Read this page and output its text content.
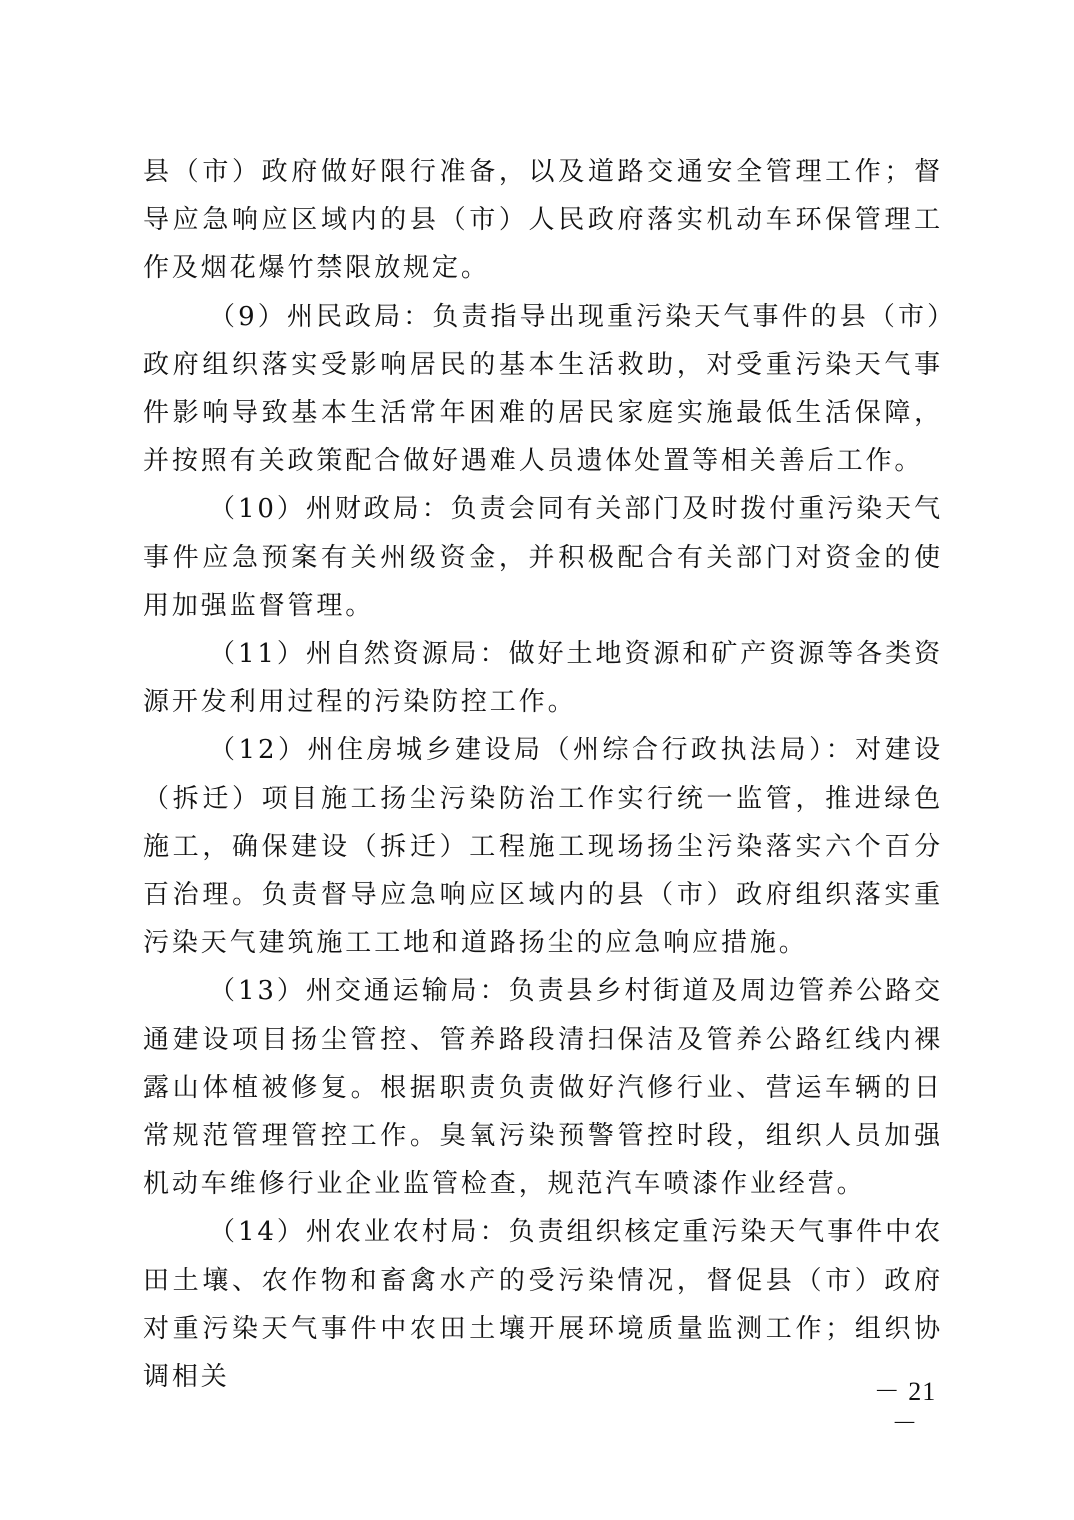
县（市）政府做好限行准备，以及道路交通安全管理工作；督导应急响应区域内的县（市）人民政府落实机动车环保管理工作及烟花爆竹禁限放规定。

（9）州民政局：负责指导出现重污染天气事件的县（市）政府组织落实受影响居民的基本生活救助，对受重污染天气事件影响导致基本生活常年困难的居民家庭实施最低生活保障，并按照有关政策配合做好遇难人员遗体处置等相关善后工作。

（10）州财政局：负责会同有关部门及时拨付重污染天气事件应急预案有关州级资金，并积极配合有关部门对资金的使用加强监督管理。

（11）州自然资源局：做好土地资源和矿产资源等各类资源开发利用过程的污染防控工作。

（12）州住房城乡建设局（州综合行政执法局）：对建设（拆迁）项目施工扬尘污染防治工作实行统一监管，推进绿色施工，确保建设（拆迁）工程施工现场扬尘污染落实六个百分百治理。负责督导应急响应区域内的县（市）政府组织落实重污染天气建筑施工工地和道路扬尘的应急响应措施。

（13）州交通运输局：负责县乡村街道及周边管养公路交通建设项目扬尘管控、管养路段清扫保洁及管养公路红线内裸露山体植被修复。根据职责负责做好汽修行业、营运车辆的日常规范管理管控工作。臭氧污染预警管控时段，组织人员加强机动车维修行业企业监管检查，规范汽车喷漆作业经营。

（14）州农业农村局：负责组织核定重污染天气事件中农田土壤、农作物和畜禽水产的受污染情况，督促县（市）政府对重污染天气事件中农田土壤开展环境质量监测工作；组织协调相关	－ 21 －
